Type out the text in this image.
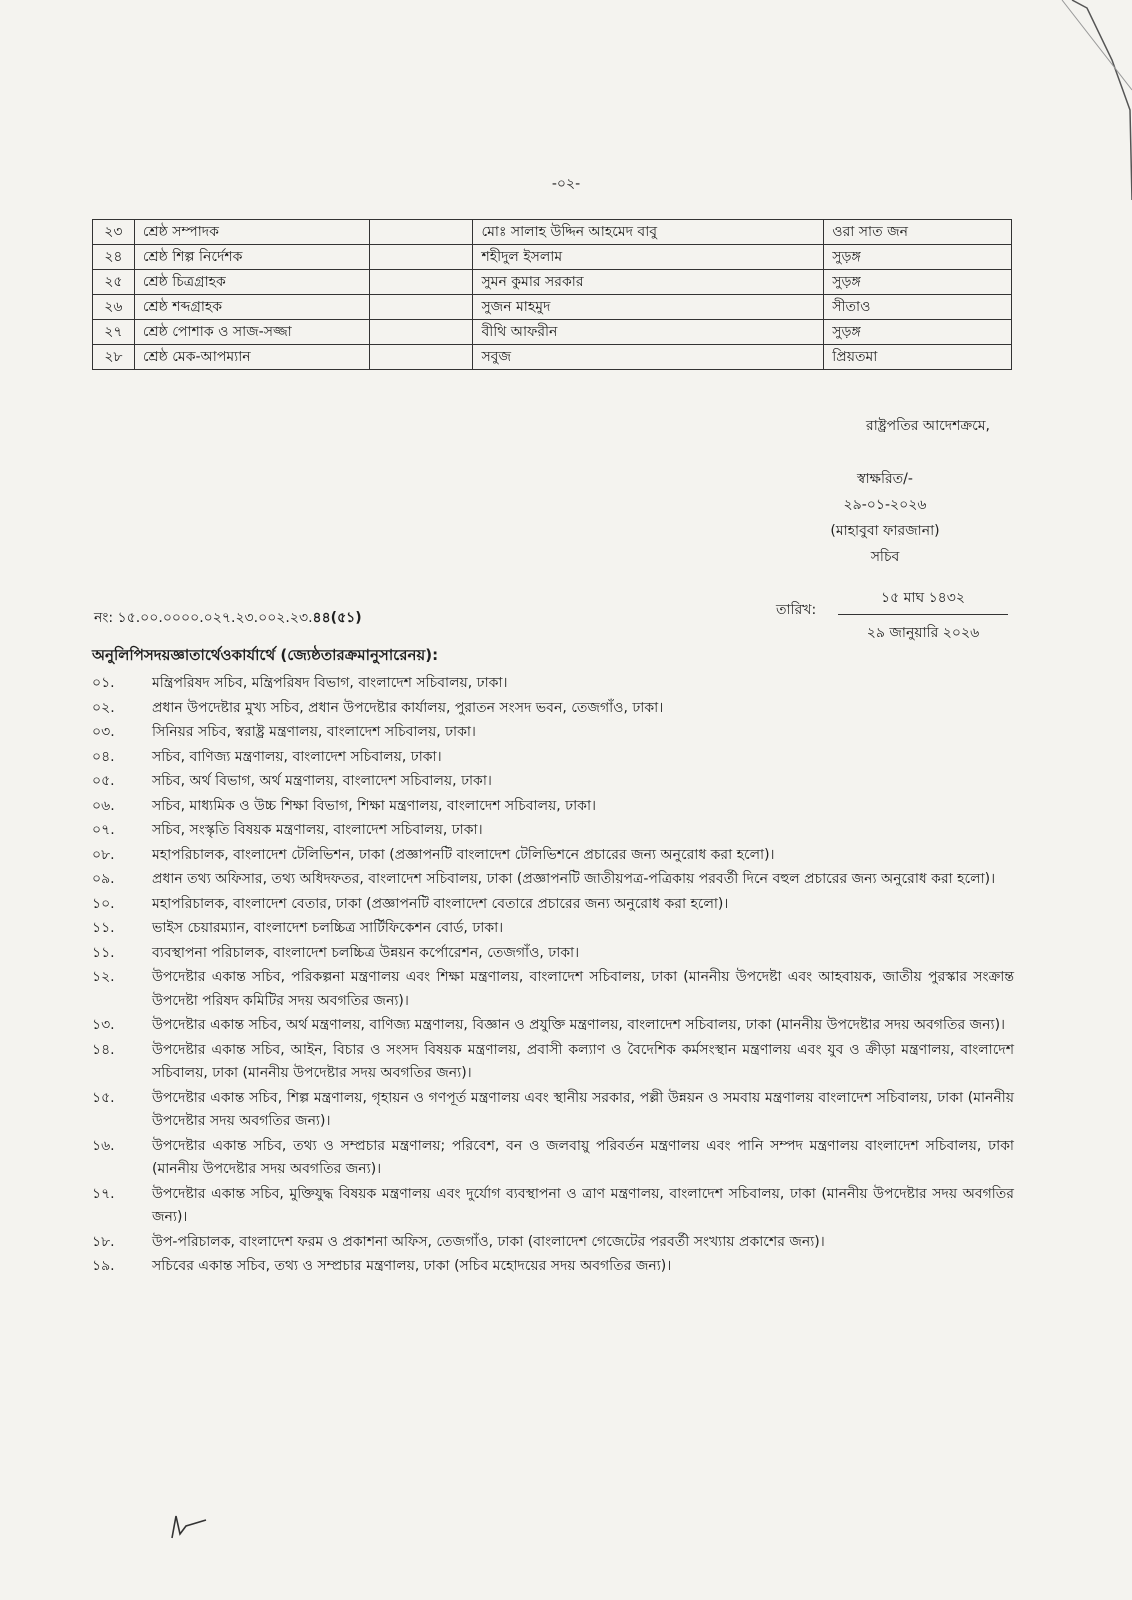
-০২-
২৩	শ্রেষ্ঠ সম্পাদক		মোঃ সালাহ উদ্দিন আহমেদ বাবু	ওরা সাত জন
২৪	শ্রেষ্ঠ শিল্প নির্দেশক		শহীদুল ইসলাম	সুড়ঙ্গ
২৫	শ্রেষ্ঠ চিত্রগ্রাহক		সুমন কুমার সরকার	সুড়ঙ্গ
২৬	শ্রেষ্ঠ শব্দগ্রাহক		সুজন মাহমুদ	সীতাও
২৭	শ্রেষ্ঠ পোশাক ও সাজ-সজ্জা		বীথি আফরীন	সুড়ঙ্গ
২৮	শ্রেষ্ঠ মেক-আপম্যান		সবুজ	প্রিয়তমা
রাষ্ট্রপতির আদেশক্রমে,
স্বাক্ষরিত/-
২৯-০১-২০২৬
(মাহাবুবা ফারজানা)
সচিব
নং: ১৫.০০.০০০০.০২৭.২৩.০০২.২৩.৪৪(৫১)	তারিখ:
১৫ মাঘ ১৪৩২
২৯ জানুয়ারি ২০২৬
অনুলিপিসদয়জ্ঞাতার্থেওকার্যার্থে (জ্যেষ্ঠতারক্রমানুসারেনয়):
০১.	মন্ত্রিপরিষদ সচিব, মন্ত্রিপরিষদ বিভাগ, বাংলাদেশ সচিবালয়, ঢাকা।
০২.	প্রধান উপদেষ্টার মুখ্য সচিব, প্রধান উপদেষ্টার কার্যালয়, পুরাতন সংসদ ভবন, তেজগাঁও, ঢাকা।
০৩.	সিনিয়র সচিব, স্বরাষ্ট্র মন্ত্রণালয়, বাংলাদেশ সচিবালয়, ঢাকা।
০৪.	সচিব, বাণিজ্য মন্ত্রণালয়, বাংলাদেশ সচিবালয়, ঢাকা।
০৫.	সচিব, অর্থ বিভাগ, অর্থ মন্ত্রণালয়, বাংলাদেশ সচিবালয়, ঢাকা।
০৬.	সচিব, মাধ্যমিক ও উচ্চ শিক্ষা বিভাগ, শিক্ষা মন্ত্রণালয়, বাংলাদেশ সচিবালয়, ঢাকা।
০৭.	সচিব, সংস্কৃতি বিষয়ক মন্ত্রণালয়, বাংলাদেশ সচিবালয়, ঢাকা।
০৮.	মহাপরিচালক, বাংলাদেশ টেলিভিশন, ঢাকা (প্রজ্ঞাপনটি বাংলাদেশ টেলিভিশনে প্রচারের জন্য অনুরোধ করা হলো)।
০৯.	প্রধান তথ্য অফিসার, তথ্য অধিদফতর, বাংলাদেশ সচিবালয়, ঢাকা (প্রজ্ঞাপনটি জাতীয়পত্র-পত্রিকায় পরবর্তী দিনে বহুল প্রচারের জন্য অনুরোধ করা হলো)।
১০.	মহাপরিচালক, বাংলাদেশ বেতার, ঢাকা (প্রজ্ঞাপনটি বাংলাদেশ বেতারে প্রচারের জন্য অনুরোধ করা হলো)।
১১.	ভাইস চেয়ারম্যান, বাংলাদেশ চলচ্চিত্র সার্টিফিকেশন বোর্ড, ঢাকা।
১১.	ব্যবস্থাপনা পরিচালক, বাংলাদেশ চলচ্চিত্র উন্নয়ন কর্পোরেশন, তেজগাঁও, ঢাকা।
১২.	উপদেষ্টার একান্ত সচিব, পরিকল্পনা মন্ত্রণালয় এবং শিক্ষা মন্ত্রণালয়, বাংলাদেশ সচিবালয়, ঢাকা (মাননীয় উপদেষ্টা এবং আহবায়ক, জাতীয় পুরস্কার সংক্রান্ত উপদেষ্টা পরিষদ কমিটির সদয় অবগতির জন্য)।
১৩.	উপদেষ্টার একান্ত সচিব, অর্থ মন্ত্রণালয়, বাণিজ্য মন্ত্রণালয়, বিজ্ঞান ও প্রযুক্তি মন্ত্রণালয়, বাংলাদেশ সচিবালয়, ঢাকা (মাননীয় উপদেষ্টার সদয় অবগতির জন্য)।
১৪.	উপদেষ্টার একান্ত সচিব, আইন, বিচার ও সংসদ বিষয়ক মন্ত্রণালয়, প্রবাসী কল্যাণ ও বৈদেশিক কর্মসংস্থান মন্ত্রণালয় এবং যুব ও ক্রীড়া মন্ত্রণালয়, বাংলাদেশ সচিবালয়, ঢাকা (মাননীয় উপদেষ্টার সদয় অবগতির জন্য)।
১৫.	উপদেষ্টার একান্ত সচিব, শিল্প মন্ত্রণালয়, গৃহায়ন ও গণপূর্ত মন্ত্রণালয় এবং স্থানীয় সরকার, পল্লী উন্নয়ন ও সমবায় মন্ত্রণালয় বাংলাদেশ সচিবালয়, ঢাকা (মাননীয় উপদেষ্টার সদয় অবগতির জন্য)।
১৬.	উপদেষ্টার একান্ত সচিব, তথ্য ও সম্প্রচার মন্ত্রণালয়; পরিবেশ, বন ও জলবায়ু পরিবর্তন মন্ত্রণালয় এবং পানি সম্পদ মন্ত্রণালয় বাংলাদেশ সচিবালয়, ঢাকা (মাননীয় উপদেষ্টার সদয় অবগতির জন্য)।
১৭.	উপদেষ্টার একান্ত সচিব, মুক্তিযুদ্ধ বিষয়ক মন্ত্রণালয় এবং দুর্যোগ ব্যবস্থাপনা ও ত্রাণ মন্ত্রণালয়, বাংলাদেশ সচিবালয়, ঢাকা (মাননীয় উপদেষ্টার সদয় অবগতির জন্য)।
১৮.	উপ-পরিচালক, বাংলাদেশ ফরম ও প্রকাশনা অফিস, তেজগাঁও, ঢাকা (বাংলাদেশ গেজেটের পরবর্তী সংখ্যায় প্রকাশের জন্য)।
১৯.	সচিবের একান্ত সচিব, তথ্য ও সম্প্রচার মন্ত্রণালয়, ঢাকা (সচিব মহোদয়ের সদয় অবগতির জন্য)।
